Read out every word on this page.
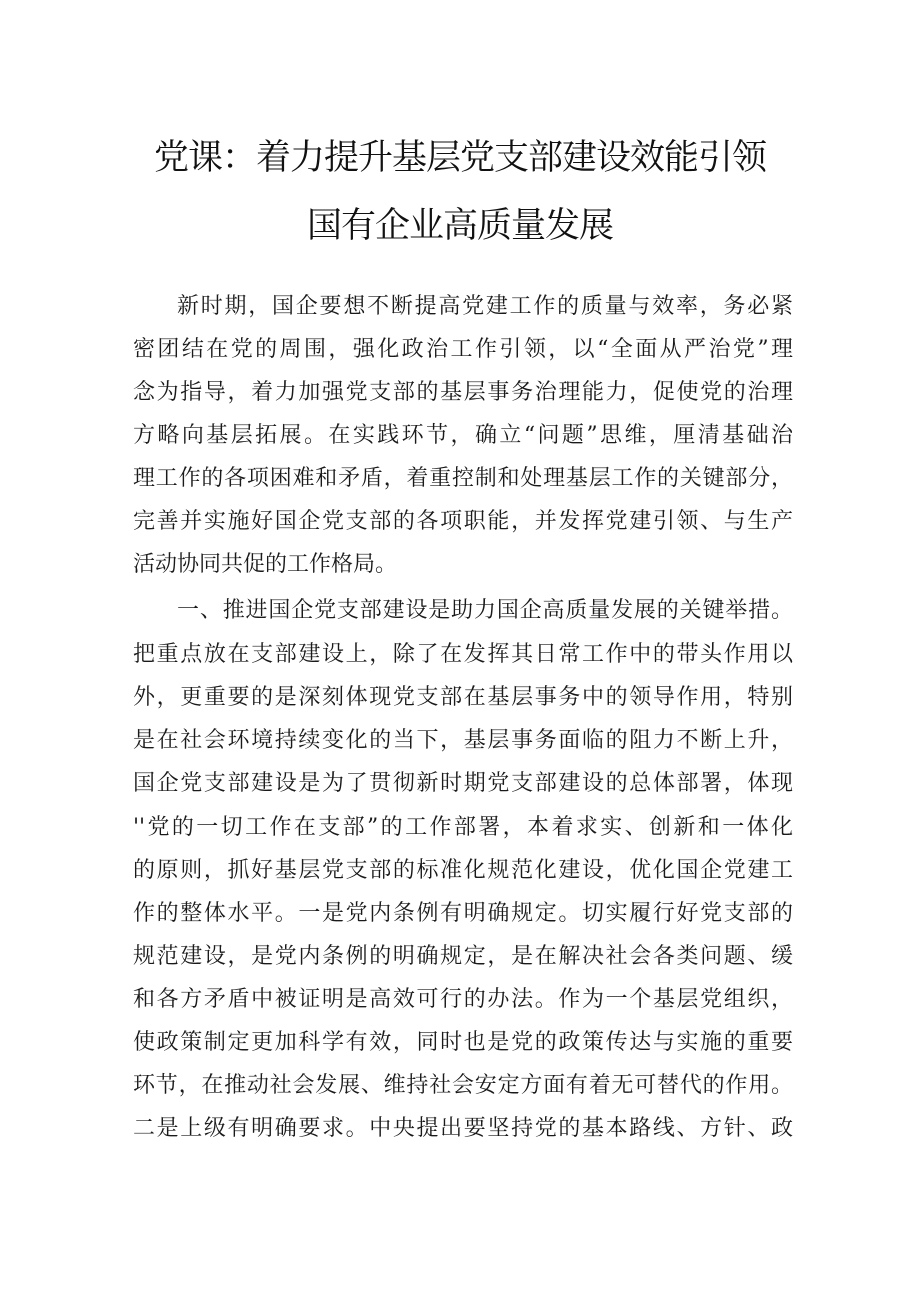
党课：着力提升基层党支部建设效能引领
国有企业高质量发展
新时期，国企要想不断提高党建工作的质量与效率，务必紧
密团结在党的周围，强化政治工作引领，以“全面从严治党”理
念为指导，着力加强党支部的基层事务治理能力，促使党的治理
方略向基层拓展。在实践环节，确立“问题”思维，厘清基础治
理工作的各项困难和矛盾，着重控制和处理基层工作的关键部分，
完善并实施好国企党支部的各项职能，并发挥党建引领、与生产
活动协同共促的工作格局。
一、推进国企党支部建设是助力国企高质量发展的关键举措。
把重点放在支部建设上，除了在发挥其日常工作中的带头作用以
外，更重要的是深刻体现党支部在基层事务中的领导作用，特别
是在社会环境持续变化的当下，基层事务面临的阻力不断上升，
国企党支部建设是为了贯彻新时期党支部建设的总体部署，体现
''党的一切工作在支部”的工作部署，本着求实、创新和一体化
的原则，抓好基层党支部的标准化规范化建设，优化国企党建工
作的整体水平。一是党内条例有明确规定。切实履行好党支部的
规范建设，是党内条例的明确规定，是在解决社会各类问题、缓
和各方矛盾中被证明是高效可行的办法。作为一个基层党组织，
使政策制定更加科学有效，同时也是党的政策传达与实施的重要
环节，在推动社会发展、维持社会安定方面有着无可替代的作用。
二是上级有明确要求。中央提出要坚持党的基本路线、方针、政
